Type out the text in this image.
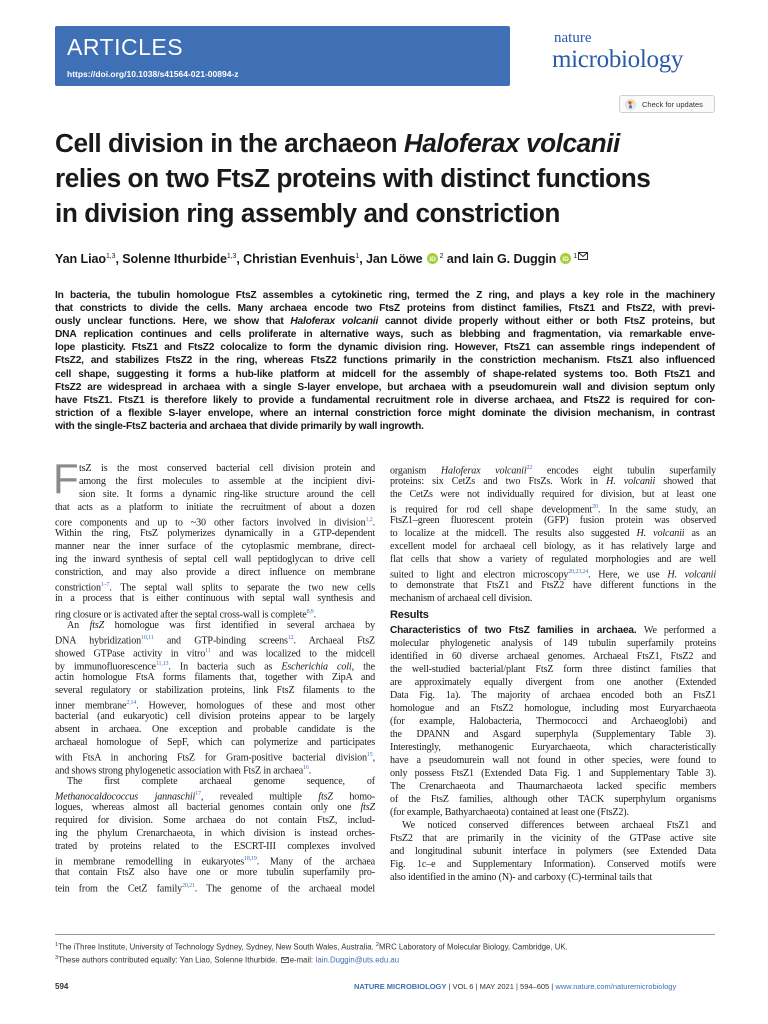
ARTICLES
https://doi.org/10.1038/s41564-021-00894-z
nature
microbiology
Check for updates
Cell division in the archaeon Haloferax volcanii
relies on two FtsZ proteins with distinct functions
in division ring assembly and constriction
Yan Liao$^{1,3}$, Solenne Ithurbide$^{1,3}$, Christian Evenhuis$^1$, Jan Löwe iD $^2$ and Iain G. Duggin iD $^1$
In bacteria, the tubulin homologue FtsZ assembles a cytokinetic ring, termed the Z ring, and plays a key role in the machinery
that constricts to divide the cells. Many archaea encode two FtsZ proteins from distinct families, FtsZ1 and FtsZ2, with previ-
ously unclear functions. Here, we show that Haloferax volcanii cannot divide properly without either or both FtsZ proteins, but
DNA replication continues and cells proliferate in alternative ways, such as blebbing and fragmentation, via remarkable enve-
lope plasticity. FtsZ1 and FtsZ2 colocalize to form the dynamic division ring. However, FtsZ1 can assemble rings independent of
FtsZ2, and stabilizes FtsZ2 in the ring, whereas FtsZ2 functions primarily in the constriction mechanism. FtsZ1 also influenced
cell shape, suggesting it forms a hub-like platform at midcell for the assembly of shape-related systems too. Both FtsZ1 and
FtsZ2 are widespread in archaea with a single S-layer envelope, but archaea with a pseudomurein wall and division septum only
have FtsZ1. FtsZ1 is therefore likely to provide a fundamental recruitment role in diverse archaea, and FtsZ2 is required for con-
striction of a flexible S-layer envelope, where an internal constriction force might dominate the division mechanism, in contrast
with the single-FtsZ bacteria and archaea that divide primarily by wall ingrowth.
F tsZ is the most conserved bacterial cell division protein and
among the first molecules to assemble at the incipient divi-
sion site. It forms a dynamic ring-like structure around the cell
that acts as a platform to initiate the recruitment of about a dozen
core components and up to ~30 other factors involved in division$^{1,2}$.
Within the ring, FtsZ polymerizes dynamically in a GTP-dependent
manner near the inner surface of the cytoplasmic membrane, direct-
ing the inward synthesis of septal cell wall peptidoglycan to drive cell
constriction, and may also provide a direct influence on membrane
constriction$^{1-7}$. The septal wall splits to separate the two new cells
in a process that is either continuous with septal wall synthesis and
ring closure or is activated after the septal cross-wall is complete$^{8,9}$.
An ftsZ homologue was first identified in several archaea by
DNA hybridization$^{10,11}$ and GTP-binding screens$^{12}$. Archaeal FtsZ
showed GTPase activity in vitro$^{11}$ and was localized to the midcell
by immunofluorescence$^{11,13}$. In bacteria such as Escherichia coli, the
actin homologue FtsA forms filaments that, together with ZipA and
several regulatory or stabilization proteins, link FtsZ filaments to the
inner membrane$^{2,14}$. However, homologues of these and most other
bacterial (and eukaryotic) cell division proteins appear to be largely
absent in archaea. One exception and probable candidate is the
archaeal homologue of SepF, which can polymerize and participates
with FtsA in anchoring FtsZ for Gram-positive bacterial division$^{15}$,
and shows strong phylogenetic association with FtsZ in archaea$^{16}$.
The first complete archaeal genome sequence, of
Methanocaldococcus jannaschii$^{17}$, revealed multiple ftsZ homo-
logues, whereas almost all bacterial genomes contain only one ftsZ
required for division. Some archaea do not contain FtsZ, includ-
ing the phylum Crenarchaeota, in which division is instead orches-
trated by proteins related to the ESCRT-III complexes involved
in membrane remodelling in eukaryotes$^{18,19}$. Many of the archaea
that contain FtsZ also have one or more tubulin superfamily pro-
tein from the CetZ family$^{20,21}$. The genome of the archaeal model
organism Haloferax volcanii$^{22}$ encodes eight tubulin superfamily
proteins: six CetZs and two FtsZs. Work in H. volcanii showed that
the CetZs were not individually required for division, but at least one
is required for rod cell shape development$^{20}$. In the same study, an
FtsZ1–green fluorescent protein (GFP) fusion protein was observed
to localize at the midcell. The results also suggested H. volcanii as an
excellent model for archaeal cell biology, as it has relatively large and
flat cells that show a variety of regulated morphologies and are well
suited to light and electron microscopy$^{20,23,24}$. Here, we use H. volcanii
to demonstrate that FtsZ1 and FtsZ2 have different functions in the
mechanism of archaeal cell division.
Results
Characteristics of two FtsZ families in archaea. We performed a
molecular phylogenetic analysis of 149 tubulin superfamily proteins
identified in 60 diverse archaeal genomes. Archaeal FtsZ1, FtsZ2 and
the well-studied bacterial/plant FtsZ form three distinct families that
are approximately equally divergent from one another (Extended
Data Fig. 1a). The majority of archaea encoded both an FtsZ1
homologue and an FtsZ2 homologue, including most Euryarchaeota
(for example, Halobacteria, Thermococci and Archaeoglobi) and
the DPANN and Asgard superphyla (Supplementary Table 3).
Interestingly, methanogenic Euryarchaeota, which characteristically
have a pseudomurein wall not found in other species, were found to
only possess FtsZ1 (Extended Data Fig. 1 and Supplementary Table 3).
The Crenarchaeota and Thaumarchaeota lacked specific members
of the FtsZ families, although other TACK superphylum organisms
(for example, Bathyarchaeota) contained at least one (FtsZ2).
We noticed conserved differences between archaeal FtsZ1 and
FtsZ2 that are primarily in the vicinity of the GTPase active site
and longitudinal subunit interface in polymers (see Extended Data
Fig. 1c–e and Supplementary Information). Conserved motifs were
also identified in the amino (N)- and carboxy (C)-terminal tails that
$^1$The iThree Institute, University of Technology Sydney, Sydney, New South Wales, Australia. $^2$MRC Laboratory of Molecular Biology, Cambridge, UK.
$^3$These authors contributed equally: Yan Liao, Solenne Ithurbide. e-mail: Iain.Duggin@uts.edu.au
594	NATURE MICROBIOLOGY | VOL 6 | MAY 2021 | 594–605 | www.nature.com/naturemicrobiology
